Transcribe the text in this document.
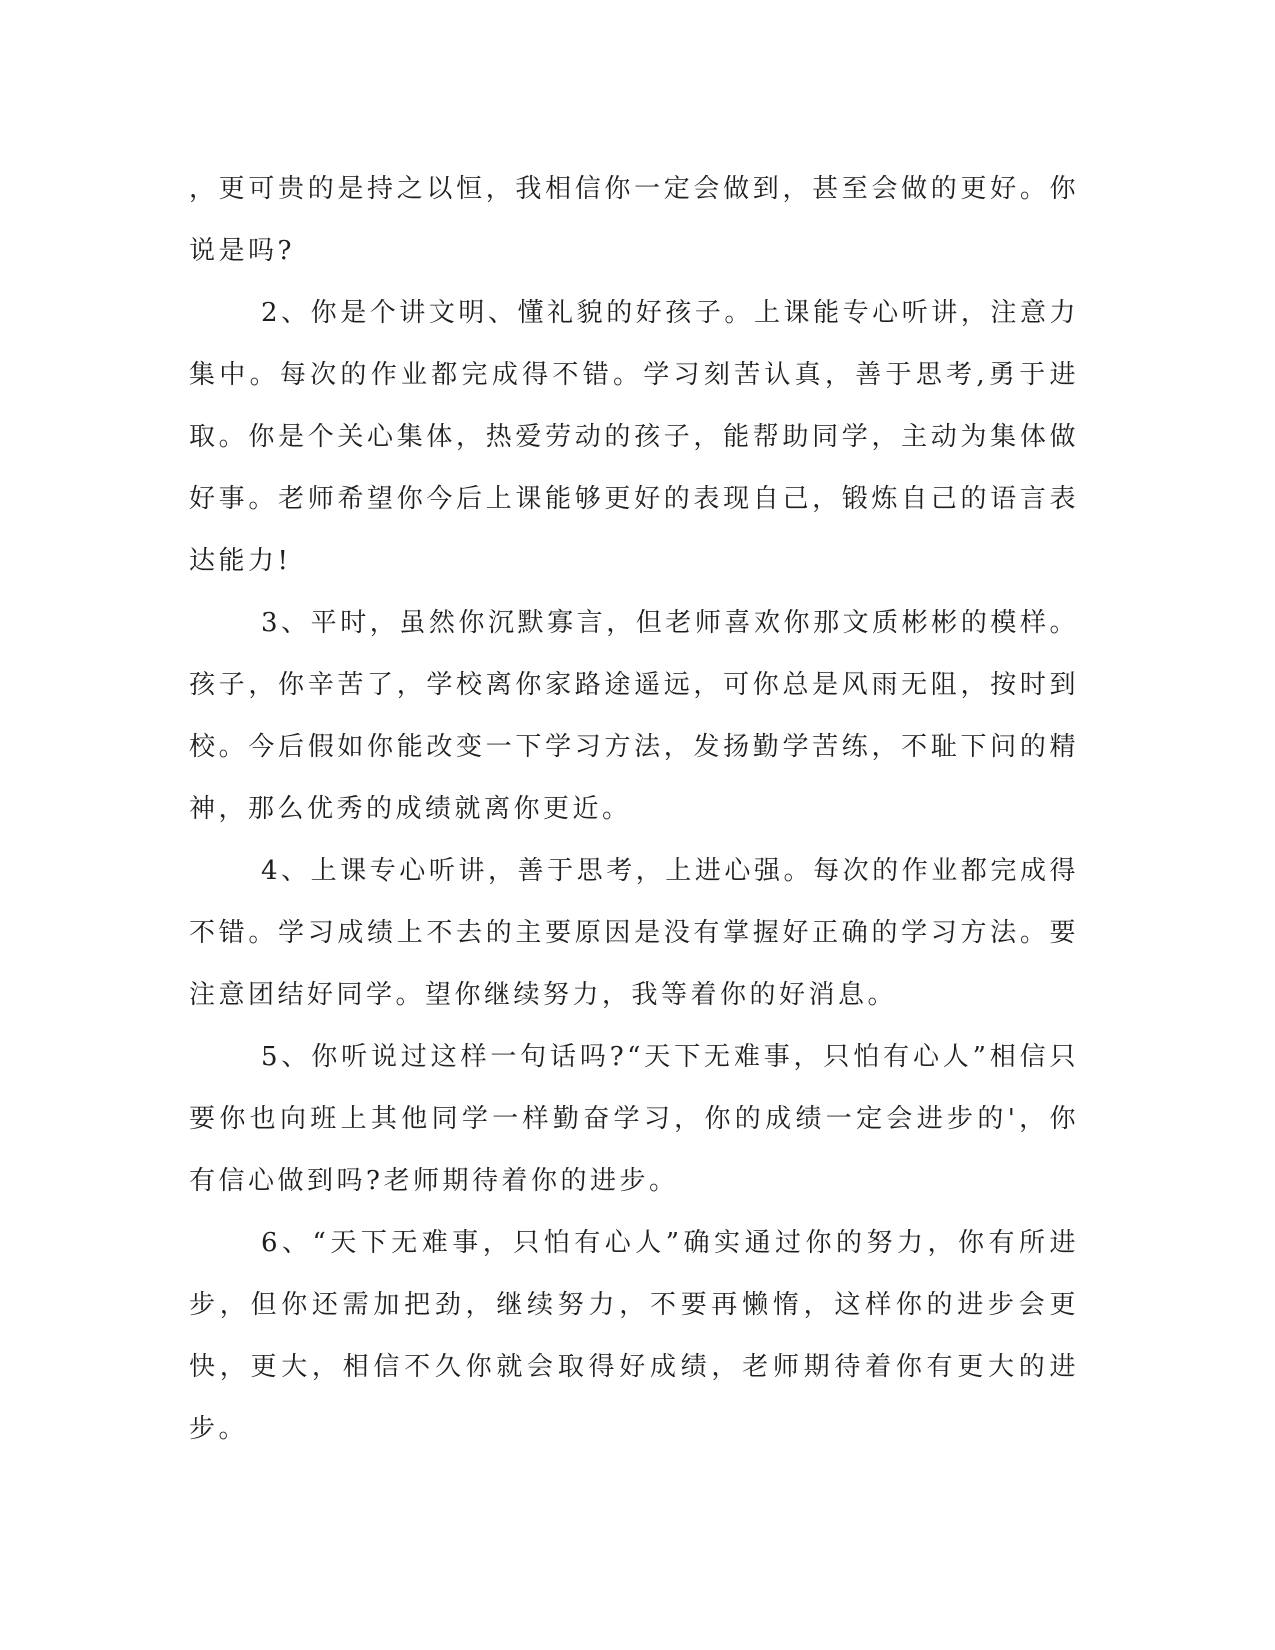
，更可贵的是持之以恒，我相信你一定会做到，甚至会做的更好。你说是吗?

2、你是个讲文明、懂礼貌的好孩子。上课能专心听讲，注意力集中。每次的作业都完成得不错。学习刻苦认真，善于思考,勇于进取。你是个关心集体，热爱劳动的孩子，能帮助同学，主动为集体做好事。老师希望你今后上课能够更好的表现自己，锻炼自己的语言表达能力!

3、平时，虽然你沉默寡言，但老师喜欢你那文质彬彬的模样。孩子，你辛苦了，学校离你家路途遥远，可你总是风雨无阻，按时到校。今后假如你能改变一下学习方法，发扬勤学苦练，不耻下问的精神，那么优秀的成绩就离你更近。

4、上课专心听讲，善于思考，上进心强。每次的作业都完成得不错。学习成绩上不去的主要原因是没有掌握好正确的学习方法。要注意团结好同学。望你继续努力，我等着你的好消息。

5、你听说过这样一句话吗?“天下无难事，只怕有心人”相信只要你也向班上其他同学一样勤奋学习，你的成绩一定会进步的'，你有信心做到吗?老师期待着你的进步。

6、“天下无难事，只怕有心人”确实通过你的努力，你有所进步，但你还需加把劲，继续努力，不要再懒惰，这样你的进步会更快，更大，相信不久你就会取得好成绩，老师期待着你有更大的进步。
